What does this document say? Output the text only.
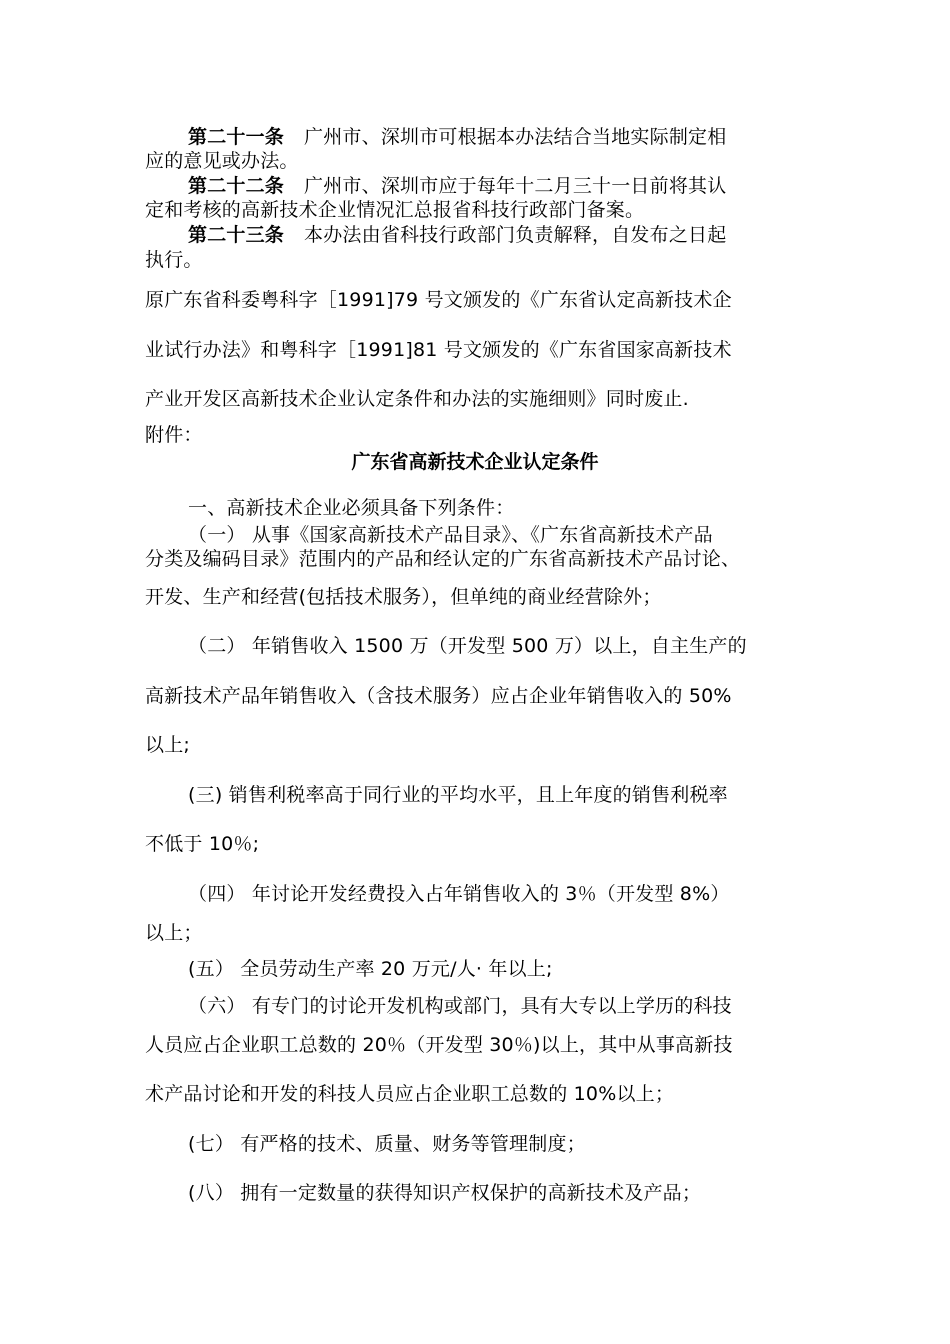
第二十一条 广州市、深圳市可根据本办法结合当地实际制定相
应的意见或办法。
第二十二条 广州市、深圳市应于每年十二月三十一日前将其认
定和考核的高新技术企业情况汇总报省科技行政部门备案。
第二十三条 本办法由省科技行政部门负责解释，自发布之日起
执行。
原广东省科委粤科字［1991]79 号文颁发的《广东省认定高新技术企
业试行办法》和粤科字［1991]81 号文颁发的《广东省国家高新技术
产业开发区高新技术企业认定条件和办法的实施细则》同时废止.
附件：
广东省高新技术企业认定条件
一、高新技术企业必须具备下列条件：
（一） 从事《国家高新技术产品目录》、《广东省高新技术产品
分类及编码目录》范围内的产品和经认定的广东省高新技术产品讨论、
开发、生产和经营(包括技术服务），但单纯的商业经营除外；
（二） 年销售收入 1500 万（开发型 500 万）以上，自主生产的
高新技术产品年销售收入（含技术服务）应占企业年销售收入的 50%
以上;
(三) 销售利税率高于同行业的平均水平，且上年度的销售利税率
不低于 10％;
（四） 年讨论开发经费投入占年销售收入的 3％（开发型 8%）
以上；
(五） 全员劳动生产率 20 万元/人· 年以上;
（六） 有专门的讨论开发机构或部门，具有大专以上学历的科技
人员应占企业职工总数的 20％（开发型 30％)以上，其中从事高新技
术产品讨论和开发的科技人员应占企业职工总数的 10%以上；
(七） 有严格的技术、质量、财务等管理制度；
(八） 拥有一定数量的获得知识产权保护的高新技术及产品；
